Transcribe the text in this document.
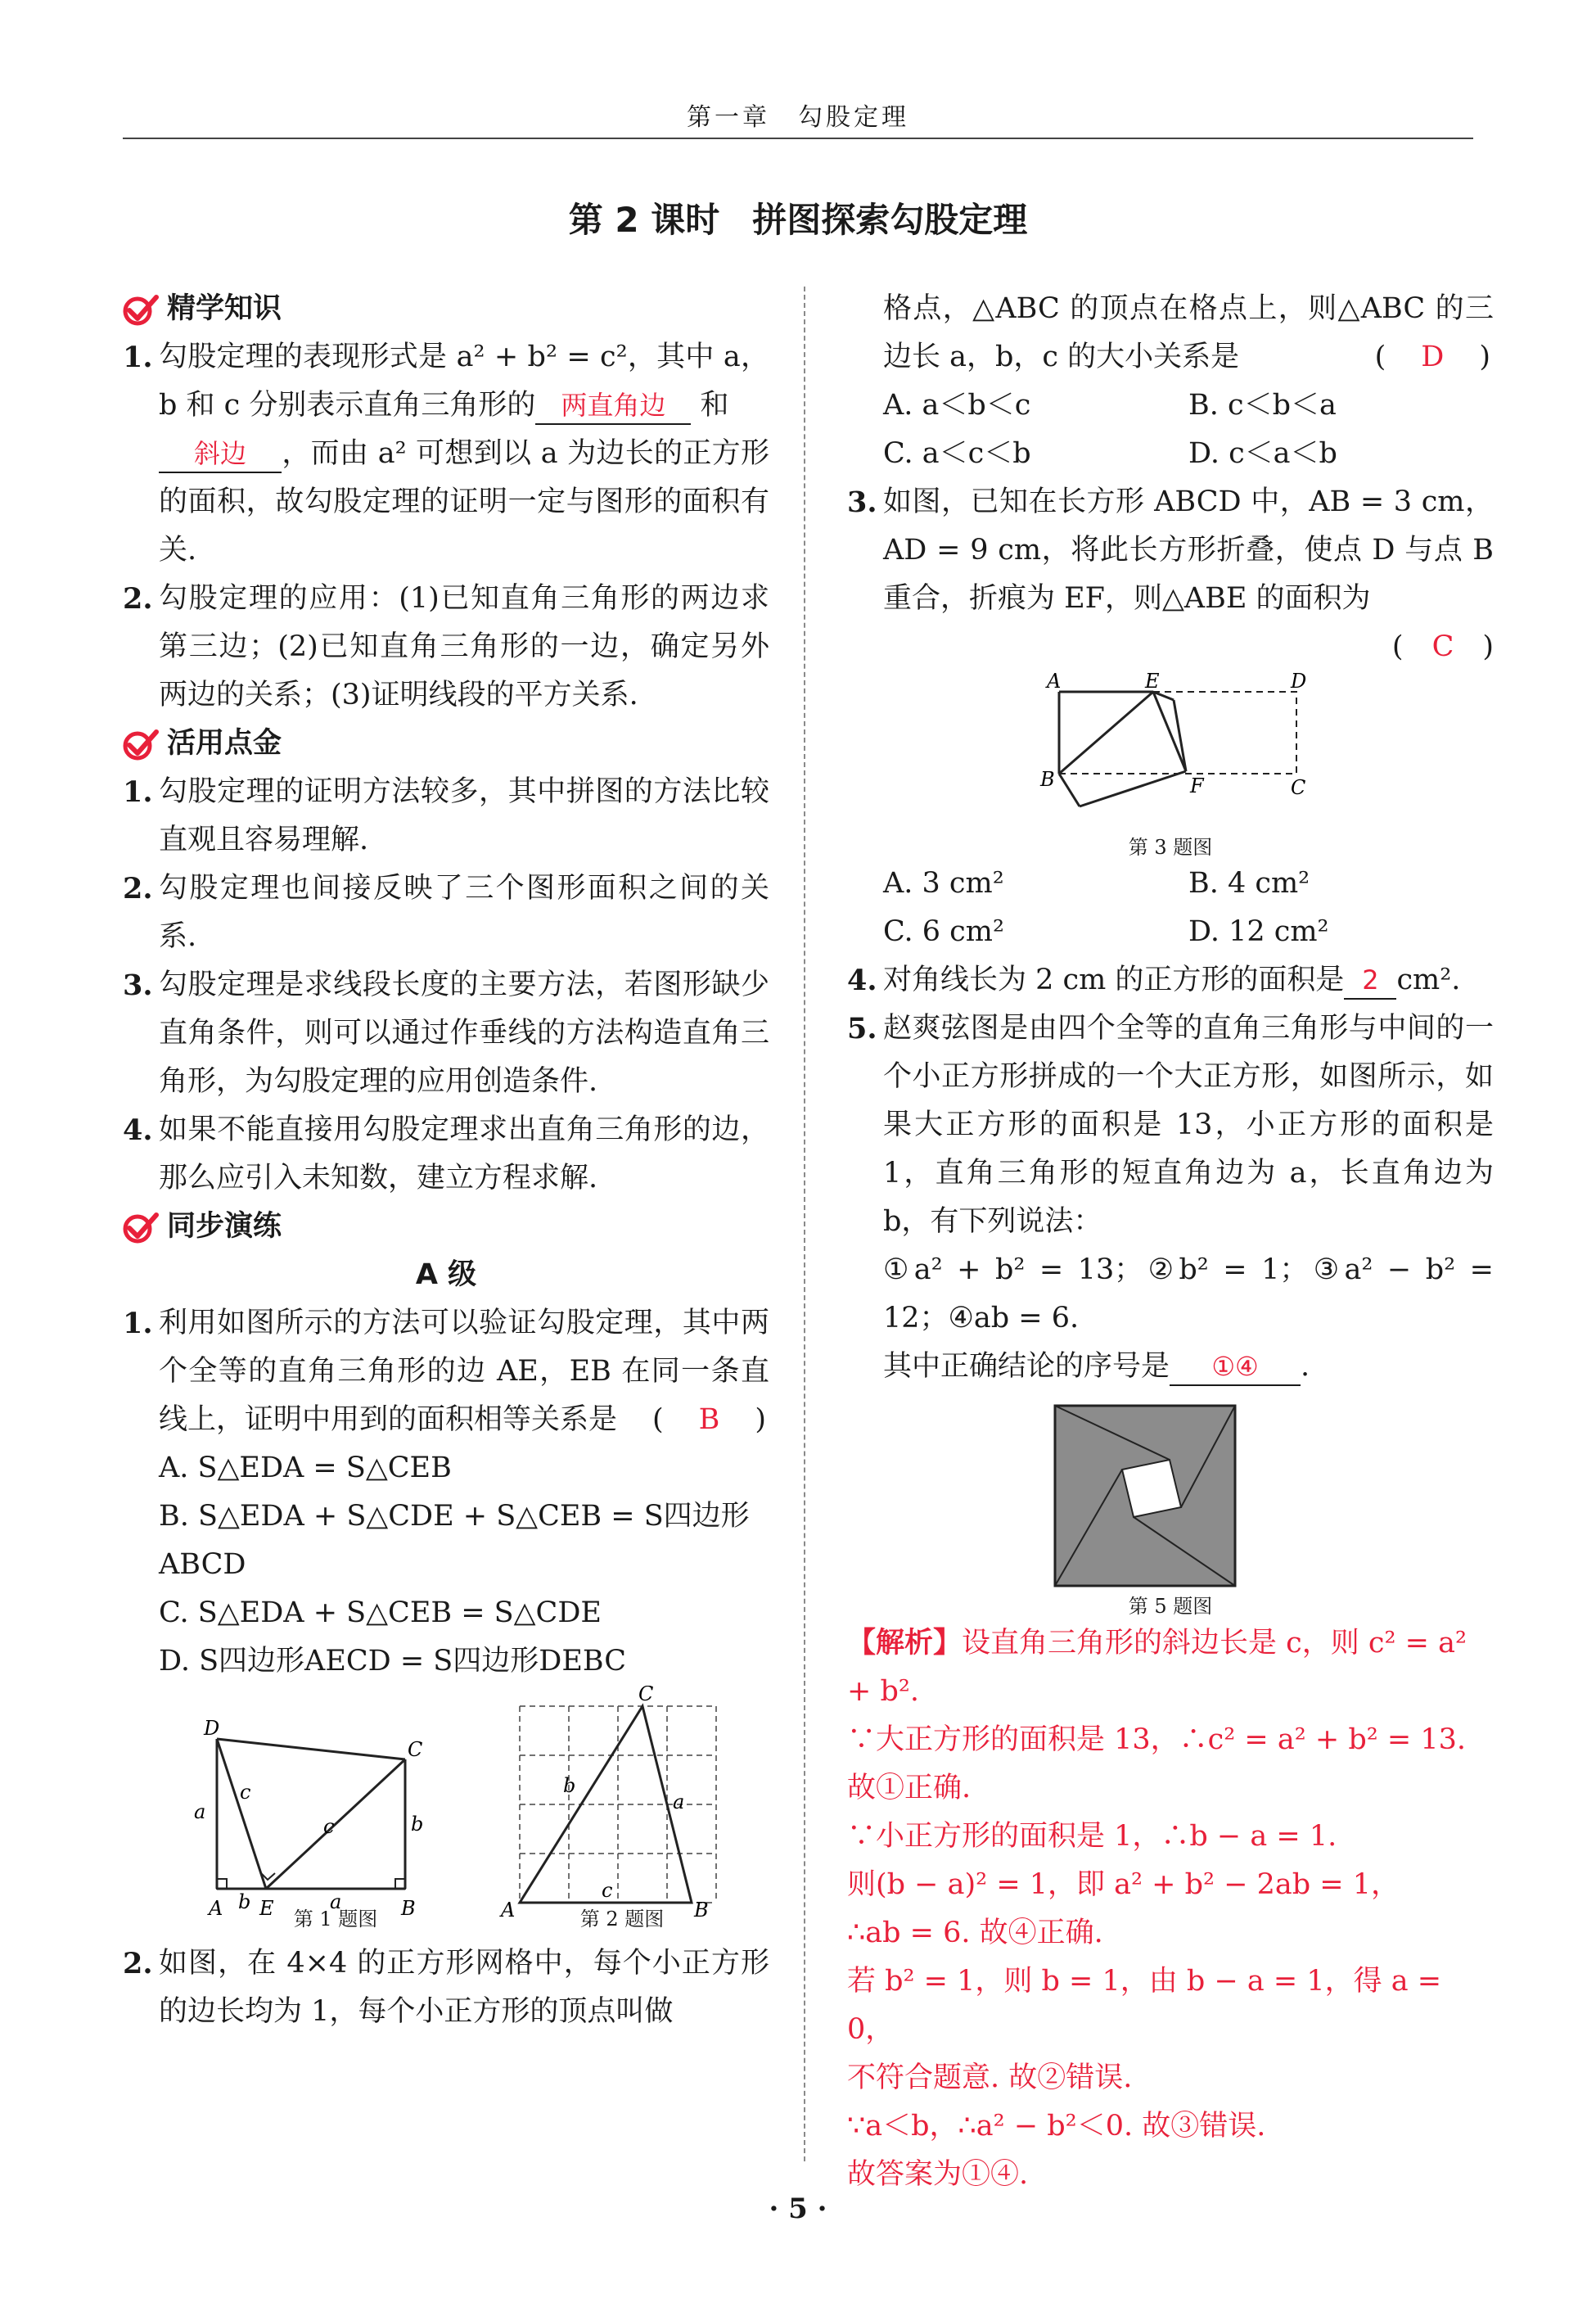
第一章　勾股定理
第 2 课时 拼图探索勾股定理
精学知识
1. 勾股定理的表现形式是 a² + b² = c²，其中 a，b 和 c 分别表示直角三角形的 两直角边 和
斜边 ，而由 a² 可想到以 a 为边长的正方形的面积，故勾股定理的证明一定与图形的面积有关.
2. 勾股定理的应用：(1)已知直角三角形的两边求第三边；(2)已知直角三角形的一边，确定另外两边的关系；(3)证明线段的平方关系.
活用点金
1. 勾股定理的证明方法较多，其中拼图的方法比较直观且容易理解.
2. 勾股定理也间接反映了三个图形面积之间的关系.
3. 勾股定理是求线段长度的主要方法，若图形缺少直角条件，则可以通过作垂线的方法构造直角三角形，为勾股定理的应用创造条件.
4. 如果不能直接用勾股定理求出直角三角形的边，那么应引入未知数，建立方程求解.
同步演练
A 级
1. 利用如图所示的方法可以验证勾股定理，其中两个全等的直角三角形的边 AE，EB 在同一条直线上，证明中用到的面积相等关系是 (　B　)
A. S△EDA = S△CEB
B. S△EDA + S△CDE + S△CEB = S四边形ABCD
C. S△EDA + S△CEB = S△CDE
D. S四边形AECD = S四边形DEBC
D
C
A E	B
a
c
c	b
b	a
C
A	B
b
a
c
第 1 题图	第 2 题图
2. 如图，在 4×4 的正方形网格中，每个小正方形的边长均为 1，每个小正方形的顶点叫做
格点，△ABC 的顶点在格点上，则△ABC 的三边长 a，b，c 的大小关系是	(　D　)
A. a＜b＜c	B. c＜b＜a
C. a＜c＜b	D. c＜a＜b
3. 如图，已知在长方形 ABCD 中，AB = 3 cm，AD = 9 cm，将此长方形折叠，使点 D 与点 B 重合，折痕为 EF，则△ABE 的面积为
(　C　)
A	E	D
B	F	C
第 3 题图
A. 3 cm²	B. 4 cm²
C. 6 cm²	D. 12 cm²
4. 对角线长为 2 cm 的正方形的面积是 2 cm².
5. 赵爽弦图是由四个全等的直角三角形与中间的一个小正方形拼成的一个大正方形，如图所示，如果大正方形的面积是 13，小正方形的面积是 1，直角三角形的短直角边为 a，长直角边为 b，有下列说法：
①a² + b² = 13；②b² = 1；③a² − b² = 12；④ab = 6.
其中正确结论的序号是 ①④ .
第 5 题图
【解析】设直角三角形的斜边长是 c，则 c² = a² + b².
∵大正方形的面积是 13，∴c² = a² + b² = 13. 故①正确.
∵小正方形的面积是 1，∴b − a = 1.
则(b − a)² = 1，即 a² + b² − 2ab = 1，
∴ab = 6. 故④正确.
若 b² = 1，则 b = 1，由 b − a = 1，得 a = 0，
不符合题意. 故②错误.
∵a＜b，∴a² − b²＜0. 故③错误.
故答案为①④.
· 5 ·
